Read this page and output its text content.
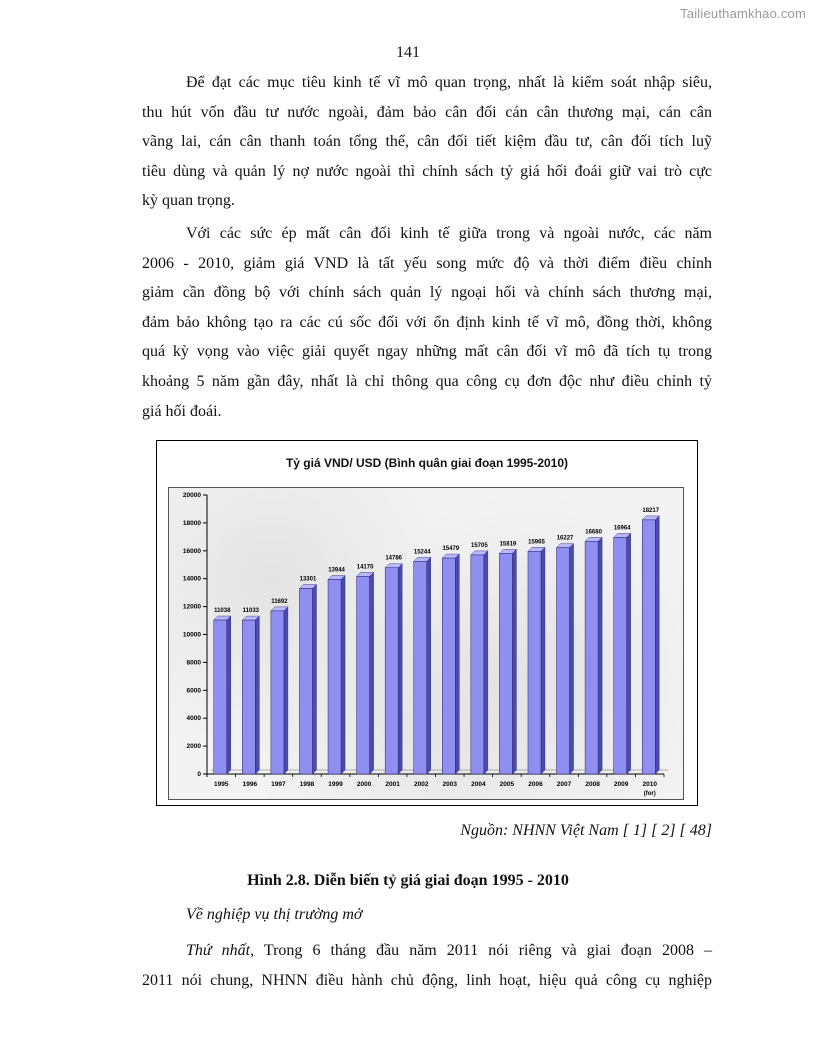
Tailieuthamkhao.com
141
Để đạt các mục tiêu kinh tế vĩ mô quan trọng, nhất là kiểm soát nhập siêu,
thu hút vốn đầu tư nước ngoài, đảm bảo cân đối cán cân thương mại, cán cân
vãng lai, cán cân thanh toán tổng thể, cân đối tiết kiệm đầu tư, cân đối tích luỹ
tiêu dùng và quản lý nợ nước ngoài thì chính sách tỷ giá hối đoái giữ vai trò cực
kỳ quan trọng.
Với các sức ép mất cân đối kinh tế giữa trong và ngoài nước, các năm
2006 - 2010, giảm giá VND là tất yếu song mức độ và thời điểm điều chỉnh
giảm cần đồng bộ với chính sách quản lý ngoại hối và chính sách thương mại,
đảm bảo không tạo ra các cú sốc đối với ổn định kinh tế vĩ mô, đồng thời, không
quá kỳ vọng vào việc giải quyết ngay những mất cân đối vĩ mô đã tích tụ trong
khoảng 5 năm gần đây, nhất là chỉ thông qua công cụ đơn độc như điều chỉnh tỷ
giá hối đoái.
Tỷ giá VND/ USD (Bình quân giai đoạn 1995-2010)
0
2000
4000
6000
8000
10000
12000
14000
16000
18000
20000
11038
1995
11033
1996
11692
1997
13301
1998
13944
1999
14170
2000
14786
2001
15244
2002
15479
2003
15705
2004
15819
2005
15965
2006
16227
2007
16680
2008
16964
2009
18217
2010
(for)
Nguồn: NHNN Việt Nam [ 1] [ 2] [ 48]
Hình 2.8. Diễn biến tỷ giá giai đoạn 1995 - 2010
Về nghiệp vụ thị trường mở
Thứ nhất, Trong 6 tháng đầu năm 2011 nói riêng và giai đoạn 2008 –
2011 nói chung, NHNN điều hành chủ động, linh hoạt, hiệu quả công cụ nghiệp
